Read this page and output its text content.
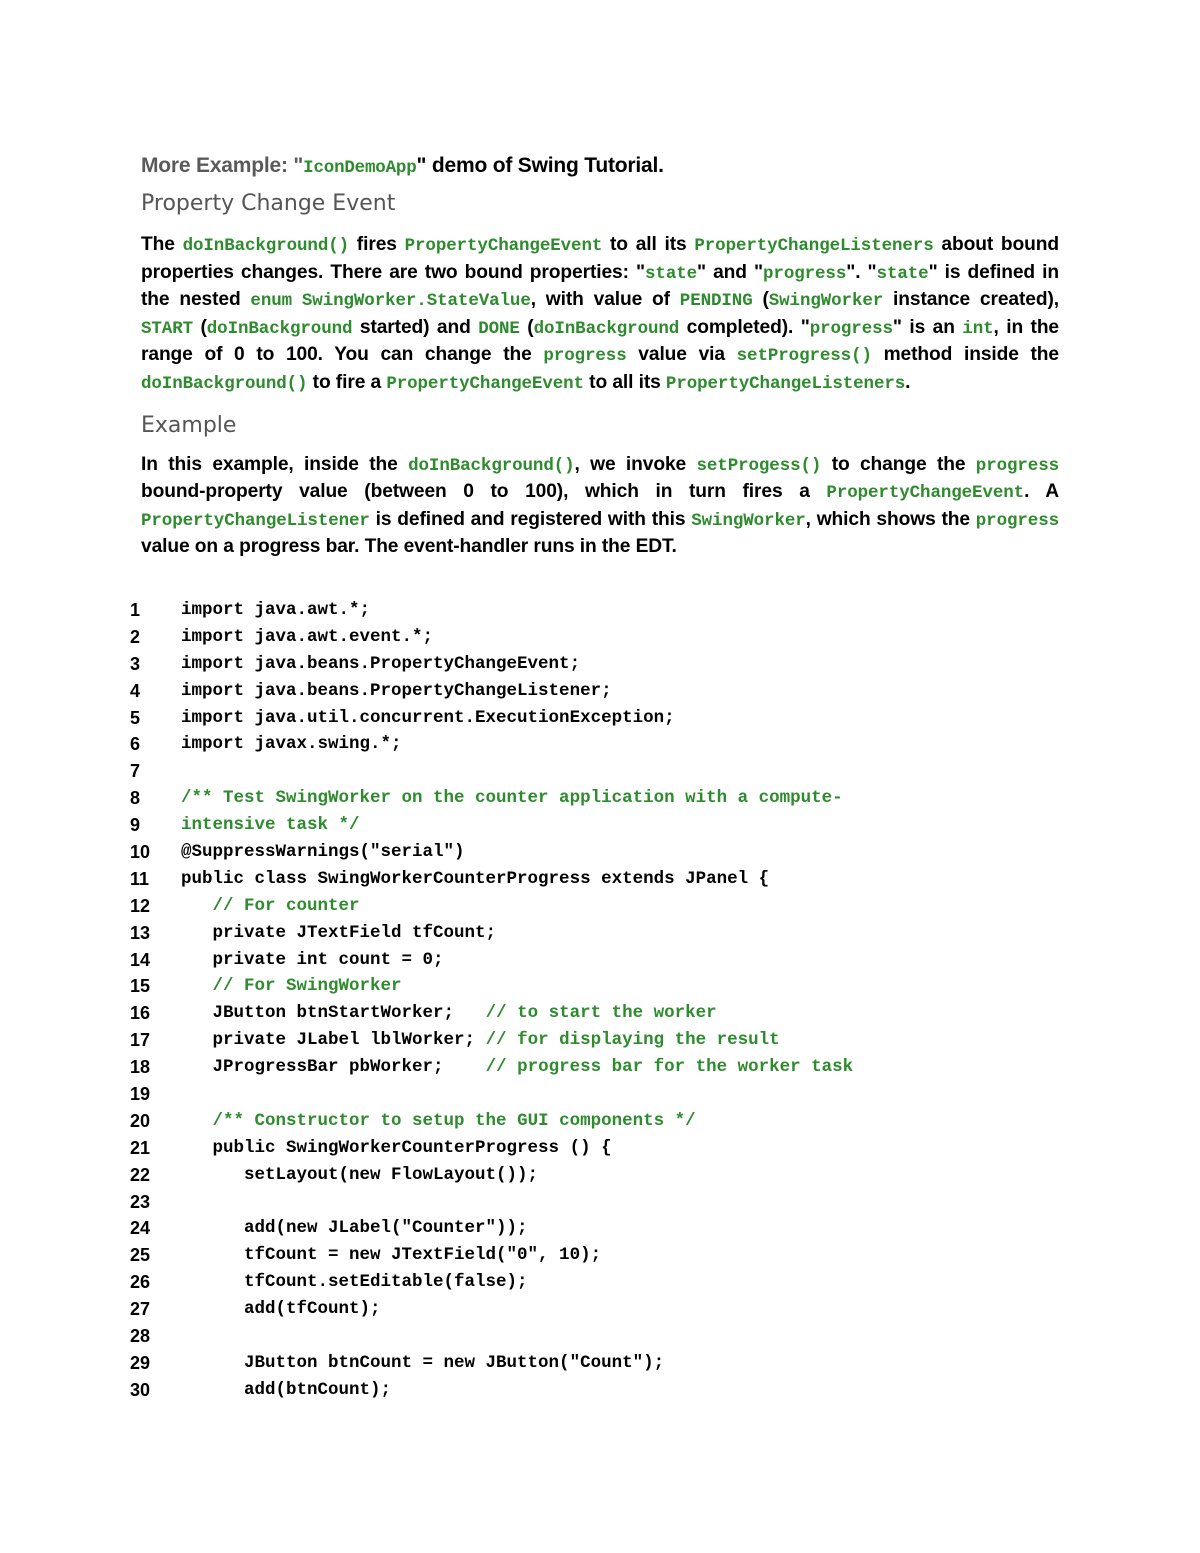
More Example: "IconDemoApp" demo of Swing Tutorial.
Property Change Event

The doInBackground() fires PropertyChangeEvent to all its PropertyChangeListeners about bound properties changes. There are two bound properties: "state" and "progress". "state" is defined in the nested enum SwingWorker.StateValue, with value of PENDING (SwingWorker instance created), START (doInBackground started) and DONE (doInBackground completed). "progress" is an int, in the range of 0 to 100. You can change the progress value via setProgress() method inside the doInBackground() to fire a PropertyChangeEvent to all its PropertyChangeListeners.

Example

In this example, inside the doInBackground(), we invoke setProgess() to change the progress bound-property value (between 0 to 100), which in turn fires a PropertyChangeEvent. A PropertyChangeListener is defined and registered with this SwingWorker, which shows the progress value on a progress bar. The event-handler runs in the EDT.

1	import java.awt.*;
2	import java.awt.event.*;
3	import java.beans.PropertyChangeEvent;
4	import java.beans.PropertyChangeListener;
5	import java.util.concurrent.ExecutionException;
6	import javax.swing.*;
7
8	/** Test SwingWorker on the counter application with a compute-
9	intensive task */
10	@SuppressWarnings("serial")
11	public class SwingWorkerCounterProgress extends JPanel {
12	// For counter
13	private JTextField tfCount;
14	private int count = 0;
15	// For SwingWorker
16	JButton btnStartWorker;   // to start the worker
17	private JLabel lblWorker; // for displaying the result
18	JProgressBar pbWorker;    // progress bar for the worker task
19
20	/** Constructor to setup the GUI components */
21	public SwingWorkerCounterProgress () {
22	setLayout(new FlowLayout());
23
24	add(new JLabel("Counter"));
25	tfCount = new JTextField("0", 10);
26	tfCount.setEditable(false);
27	add(tfCount);
28
29	JButton btnCount = new JButton("Count");
30	add(btnCount);
